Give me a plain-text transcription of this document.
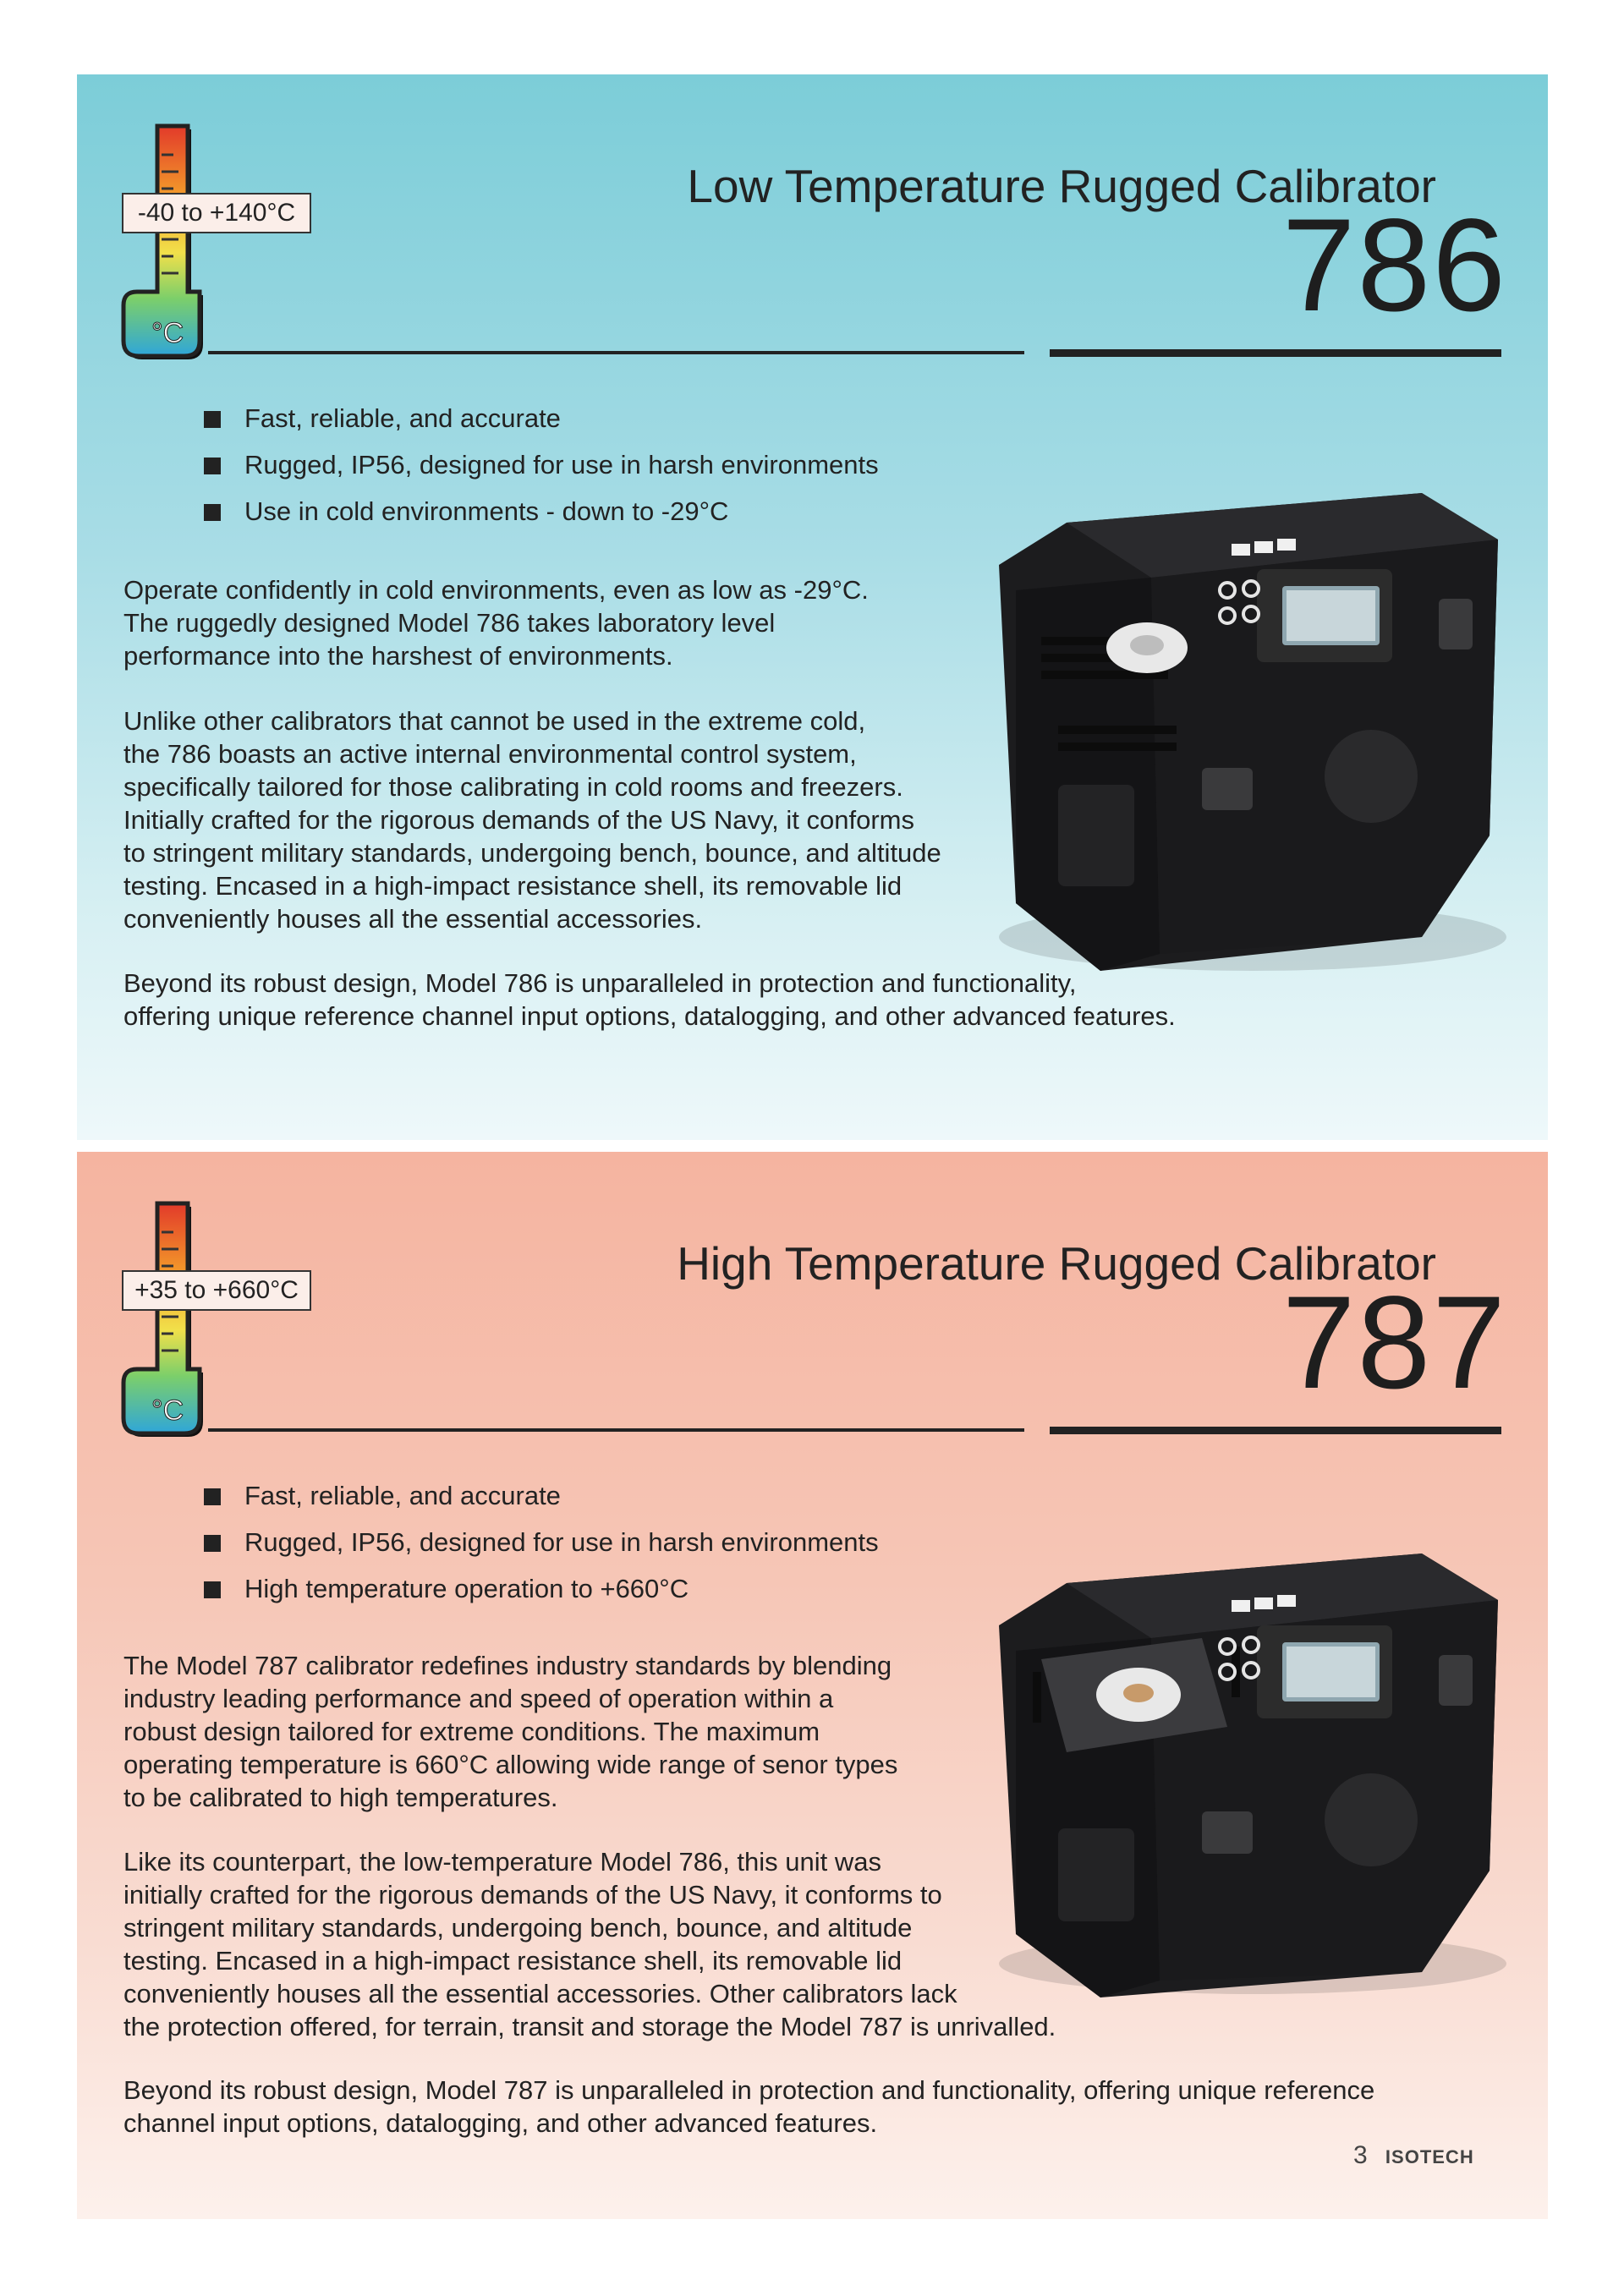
°C
-40 to +140°C
Low Temperature Rugged Calibrator
786
Fast, reliable, and accurate
Rugged, IP56, designed for use in harsh environments
Use in cold environments - down to -29°C

Operate confidently in cold environments, even as low as -29°C.
The ruggedly designed Model 786 takes laboratory level
performance into the harshest of environments.

Unlike other calibrators that cannot be used in the extreme cold,
the 786 boasts an active internal environmental control system,
specifically tailored for those calibrating in cold rooms and freezers.
Initially crafted for the rigorous demands of the US Navy, it conforms
to stringent military standards, undergoing bench, bounce, and altitude
testing. Encased in a high-impact resistance shell, its removable lid
conveniently houses all the essential accessories.

Beyond its robust design, Model 786 is unparalleled in protection and functionality,
offering unique reference channel input options, datalogging, and other advanced features.

°C
+35 to +660°C
High Temperature Rugged Calibrator
787
Fast, reliable, and accurate
Rugged, IP56, designed for use in harsh environments
High temperature operation to +660°C

The Model 787 calibrator redefines industry standards by blending
industry leading performance and speed of operation within a
robust design tailored for extreme conditions. The maximum
operating temperature is 660°C allowing wide range of senor types
to be calibrated to high temperatures.

Like its counterpart, the low-temperature Model 786, this unit was
initially crafted for the rigorous demands of the US Navy, it conforms to
stringent military standards, undergoing bench, bounce, and altitude
testing. Encased in a high-impact resistance shell, its removable lid
conveniently houses all the essential accessories. Other calibrators lack
the protection offered, for terrain, transit and storage the Model 787 is unrivalled.

Beyond its robust design, Model 787 is unparalleled in protection and functionality, offering unique reference
channel input options, datalogging, and other advanced features.

3 ISOTECH
